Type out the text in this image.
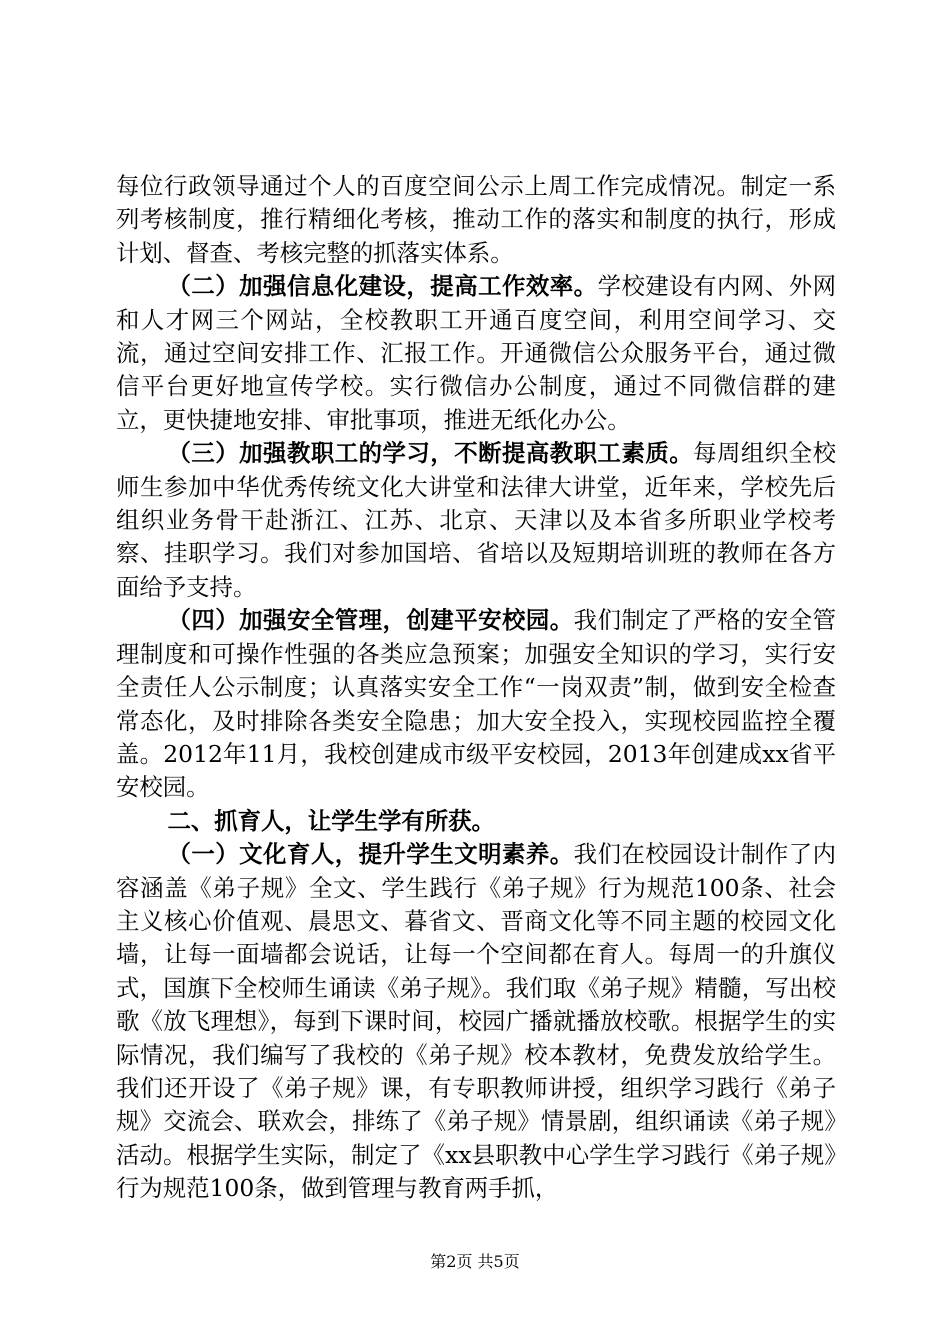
每位行政领导通过个人的百度空间公示上周工作完成情况。制定一系列考核制度，推行精细化考核，推动工作的落实和制度的执行，形成计划、督查、考核完整的抓落实体系。

（二）加强信息化建设，提高工作效率。学校建设有内网、外网和人才网三个网站，全校教职工开通百度空间，利用空间学习、交流，通过空间安排工作、汇报工作。开通微信公众服务平台，通过微信平台更好地宣传学校。实行微信办公制度，通过不同微信群的建立，更快捷地安排、审批事项，推进无纸化办公。

（三）加强教职工的学习，不断提高教职工素质。每周组织全校师生参加中华优秀传统文化大讲堂和法律大讲堂，近年来，学校先后组织业务骨干赴浙江、江苏、北京、天津以及本省多所职业学校考察、挂职学习。我们对参加国培、省培以及短期培训班的教师在各方面给予支持。

（四）加强安全管理，创建平安校园。我们制定了严格的安全管理制度和可操作性强的各类应急预案；加强安全知识的学习，实行安全责任人公示制度；认真落实安全工作“一岗双责”制，做到安全检查常态化，及时排除各类安全隐患；加大安全投入，实现校园监控全覆盖。2012年11月，我校创建成市级平安校园，2013年创建成xx省平安校园。

二、抓育人，让学生学有所获。

（一）文化育人，提升学生文明素养。我们在校园设计制作了内容涵盖《弟子规》全文、学生践行《弟子规》行为规范100条、社会主义核心价值观、晨思文、暮省文、晋商文化等不同主题的校园文化墙，让每一面墙都会说话，让每一个空间都在育人。每周一的升旗仪式，国旗下全校师生诵读《弟子规》。我们取《弟子规》精髓，写出校歌《放飞理想》，每到下课时间，校园广播就播放校歌。根据学生的实际情况，我们编写了我校的《弟子规》校本教材，免费发放给学生。我们还开设了《弟子规》课，有专职教师讲授，组织学习践行《弟子规》交流会、联欢会，排练了《弟子规》情景剧，组织诵读《弟子规》活动。根据学生实际，制定了《xx县职教中心学生学习践行《弟子规》行为规范100条，做到管理与教育两手抓，

第2页 共5页
